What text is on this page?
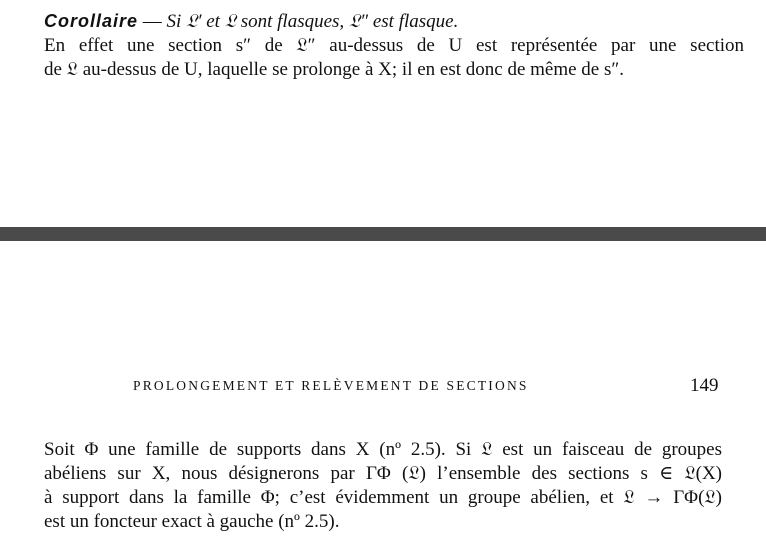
Corollaire — Si 𝔏′ et 𝔏 sont flasques, 𝔏″ est flasque.
En effet une section s″ de 𝔏″ au-dessus de U est représentée par une section
de 𝔏 au-dessus de U, laquelle se prolonge à X; il en est donc de même de s″.
PROLONGEMENT ET RELÈVEMENT DE SECTIONS	149
Soit Φ une famille de supports dans X (nº 2.5). Si 𝔏 est un faisceau de groupes
abéliens sur X, nous désignerons par ΓΦ (𝔏) l’ensemble des sections s ∈ 𝔏(X)
à support dans la famille Φ; c’est évidemment un groupe abélien, et 𝔏 → ΓΦ(𝔏)
est un foncteur exact à gauche (nº 2.5).
